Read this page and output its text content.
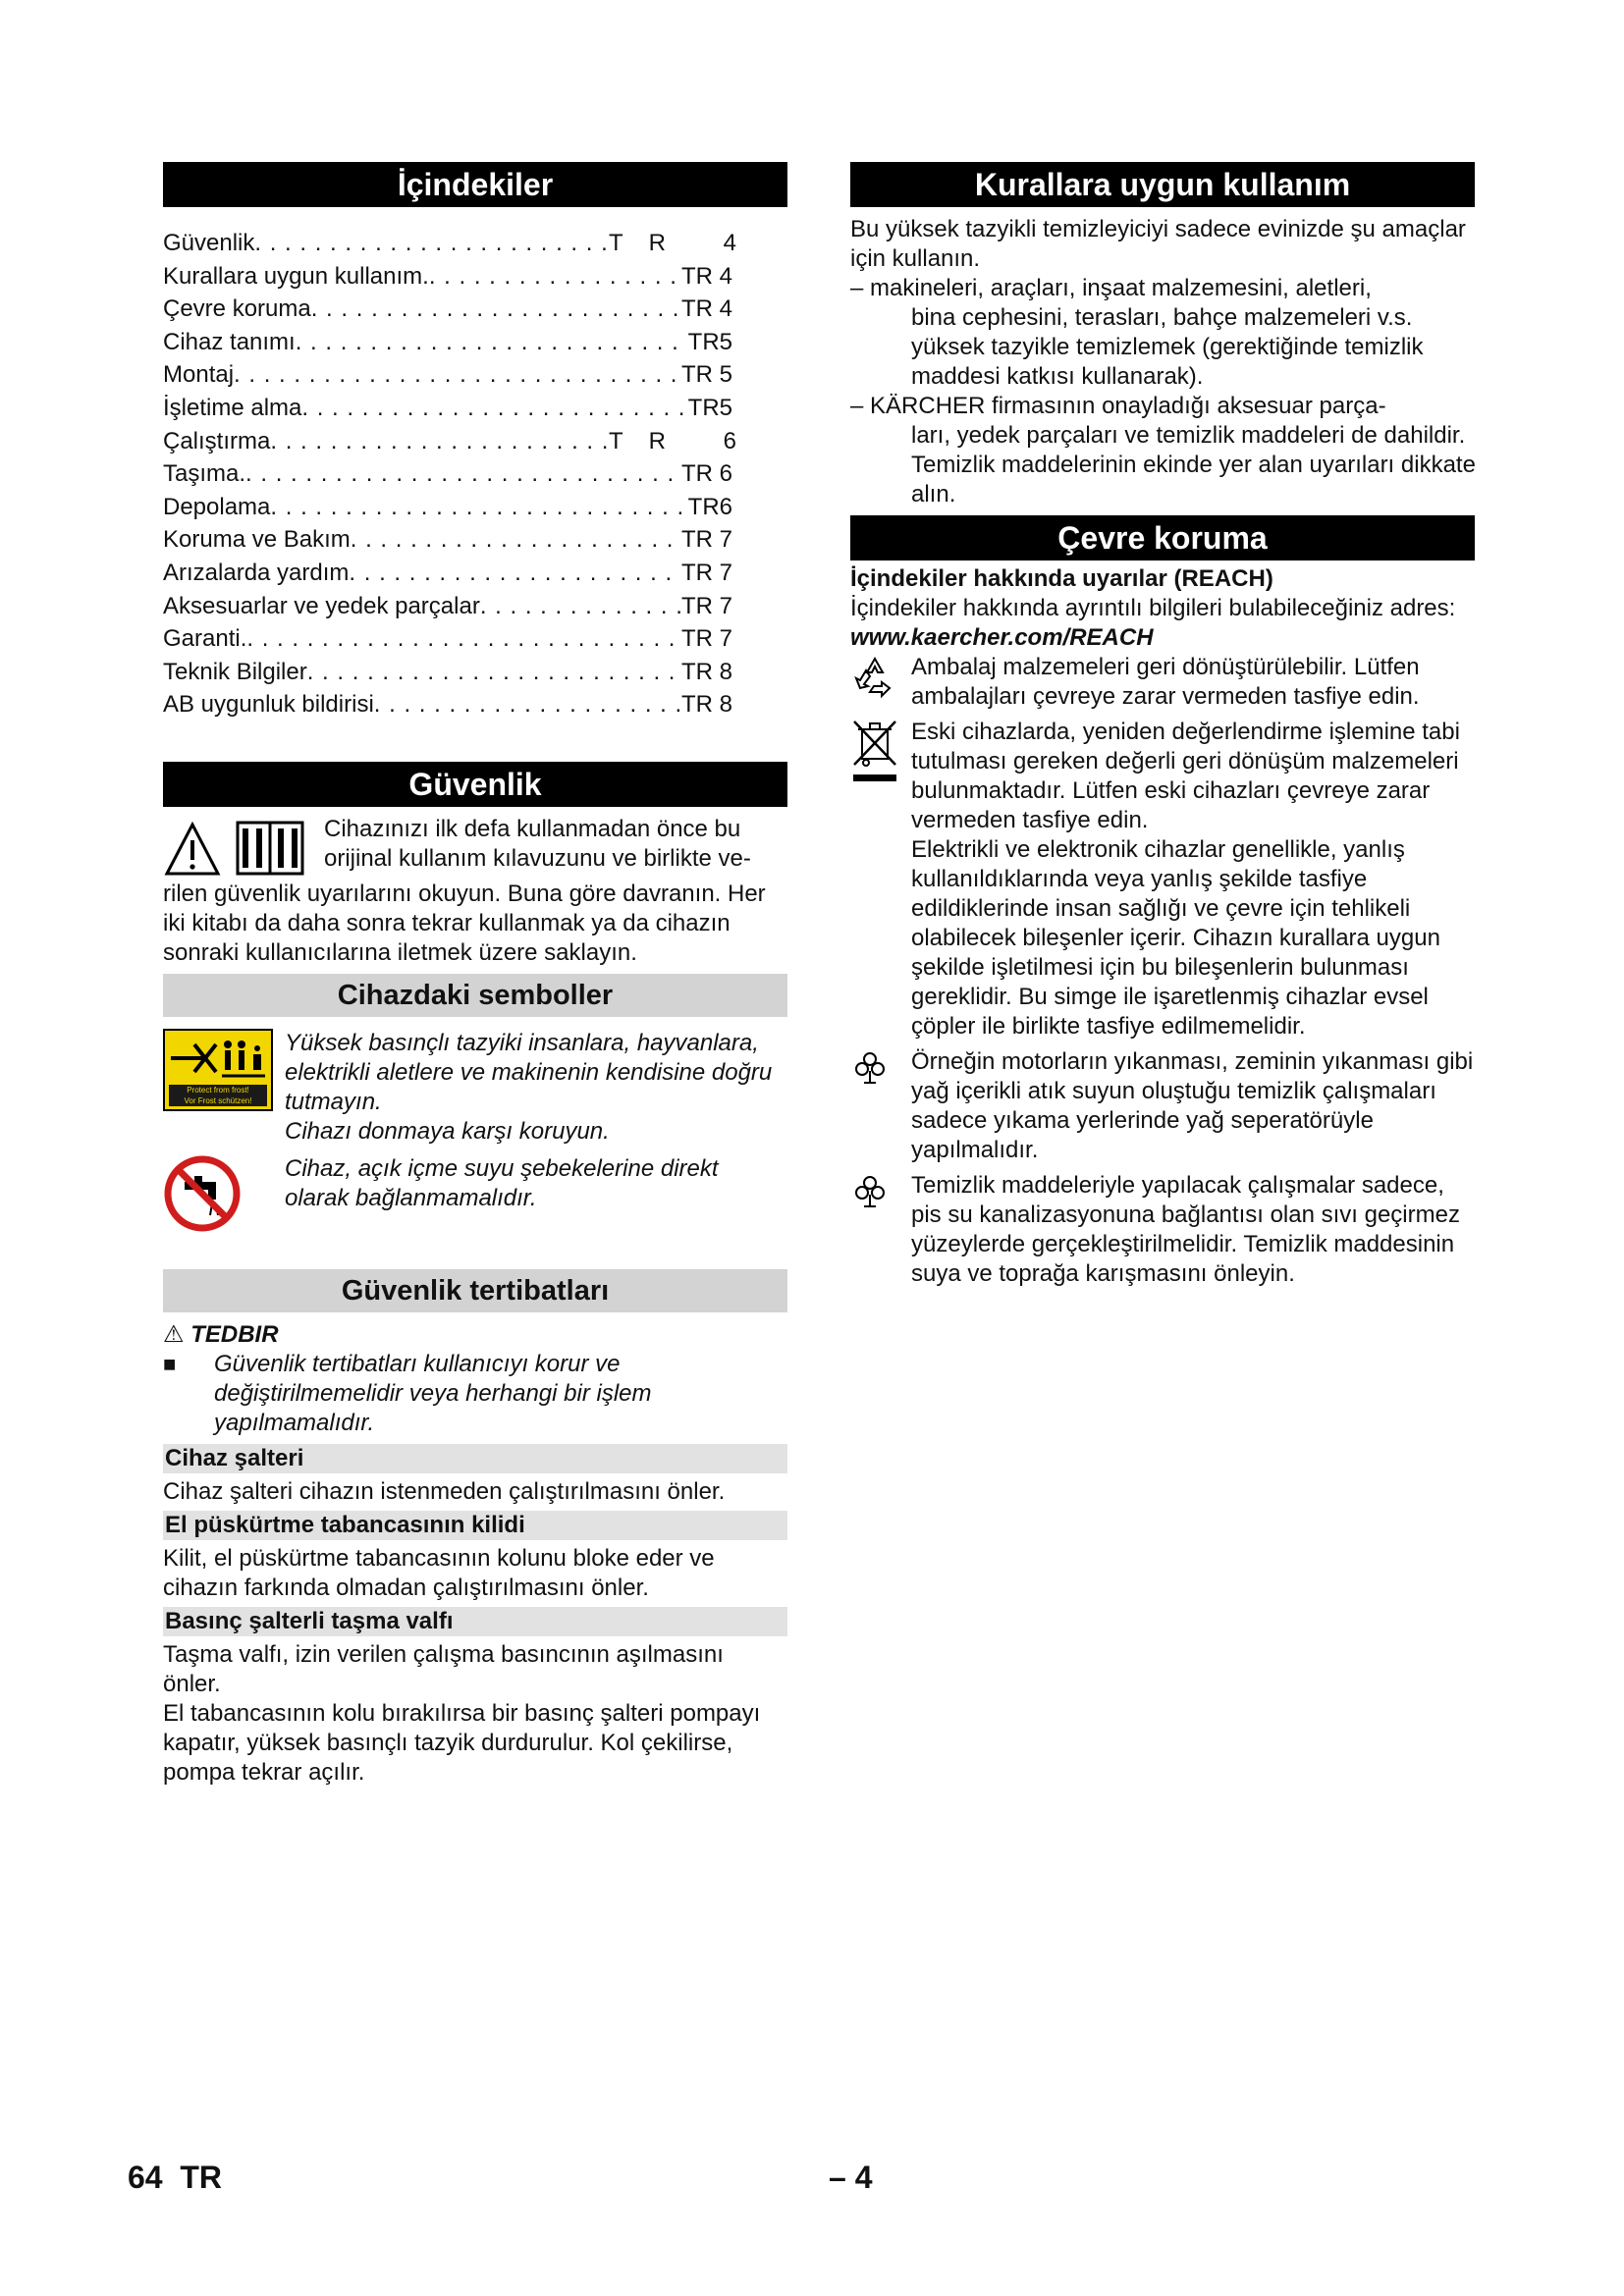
İçindekiler
Güvenlik . . .	TR 4
Kurallara uygun kullanım. . . .	TR 4
Çevre koruma . . .	TR 4
Cihaz tanımı . . .	TR5
Montaj . . .	TR 5
İşletime alma . . .	TR5
Çalıştırma . . .	TR 6
Taşıma. . . .	TR 6
Depolama . . .	TR6
Koruma ve Bakım . . .	TR 7
Arızalarda yardım . . .	TR 7
Aksesuarlar ve yedek parçalar . . .	TR 7
Garanti. . . .	TR 7
Teknik Bilgiler . . .	TR 8
AB uygunluk bildirisi . . .	TR 8
Güvenlik

Cihazınızı ilk defa kullanmadan önce bu

orijinal kullanım kılavuzunu ve birlikte ve-

rilen güvenlik uyarılarını okuyun. Buna göre davranın. Her iki kitabı da daha sonra tekrar kullanmak ya da cihazın sonraki kullanıcılarına iletmek üzere saklayın.

Cihazdaki semboller
Protect from frost!
Vor Frost schützen!

Yüksek basınçlı tazyiki insanlara, hayvanlara, elektrikli aletlere ve makinenin kendisine doğru tutmayın.

Cihazı donmaya karşı koruyun.

Cihaz, açık içme suyu şebekelerine direkt olarak bağlanmamalıdır.

Güvenlik tertibatları
⚠ TEDBIR
■	Güvenlik tertibatları kullanıcıyı korur ve değiştirilmemelidir veya herhangi bir işlem yapılmamalıdır.

Cihaz şalteri

Cihaz şalteri cihazın istenmeden çalıştırılmasını önler.

El püskürtme tabancasının kilidi

Kilit, el püskürtme tabancasının kolunu bloke eder ve cihazın farkında olmadan çalıştırılmasını önler.

Basınç şalterli taşma valfı

Taşma valfı, izin verilen çalışma basıncının aşılmasını önler.

El tabancasının kolu bırakılırsa bir basınç şalteri pompayı kapatır, yüksek basınçlı tazyik durdurulur. Kol çekilirse, pompa tekrar açılır.

Kurallara uygun kullanım

Bu yüksek tazyikli temizleyiciyi sadece evinizde şu amaçlar için kullanın.

– makineleri, araçları, inşaat malzemesini, aletleri,

bina cephesini, terasları, bahçe malzemeleri v.s. yüksek tazyikle temizlemek (gerektiğinde temizlik maddesi katkısı kullanarak).

– KÄRCHER firmasının onayladığı aksesuar parça-

ları, yedek parçaları ve temizlik maddeleri de dahildir. Temizlik maddelerinin ekinde yer alan uyarıları dikkate alın.

Çevre koruma

İçindekiler hakkında uyarılar (REACH)

İçindekiler hakkında ayrıntılı bilgileri bulabileceğiniz adres:

www.kaercher.com/REACH

Ambalaj malzemeleri geri dönüştürülebilir. Lütfen ambalajları çevreye zarar vermeden tasfiye edin.

Eski cihazlarda, yeniden değerlendirme işlemine tabi tutulması gereken değerli geri dönüşüm malzemeleri bulunmaktadır. Lütfen eski cihazları çevreye zarar vermeden tasfiye edin.

Elektrikli ve elektronik cihazlar genellikle, yanlış kullanıldıklarında veya yanlış şekilde tasfiye edildiklerinde insan sağlığı ve çevre için tehlikeli olabilecek bileşenler içerir. Cihazın kurallara uygun şekilde işletilmesi için bu bileşenlerin bulunması gereklidir. Bu simge ile işaretlenmiş cihazlar evsel çöpler ile birlikte tasfiye edilmemelidir.

Örneğin motorların yıkanması, zeminin yıkanması gibi yağ içerikli atık suyun oluştuğu temizlik çalışmaları sadece yıkama yerlerinde yağ seperatörüyle yapılmalıdır.

Temizlik maddeleriyle yapılacak çalışmalar sadece, pis su kanalizasyonuna bağlantısı olan sıvı geçirmez yüzeylerde gerçekleştirilmelidir. Temizlik maddesinin suya ve toprağa karışmasını önleyin.

64  TR	– 4
